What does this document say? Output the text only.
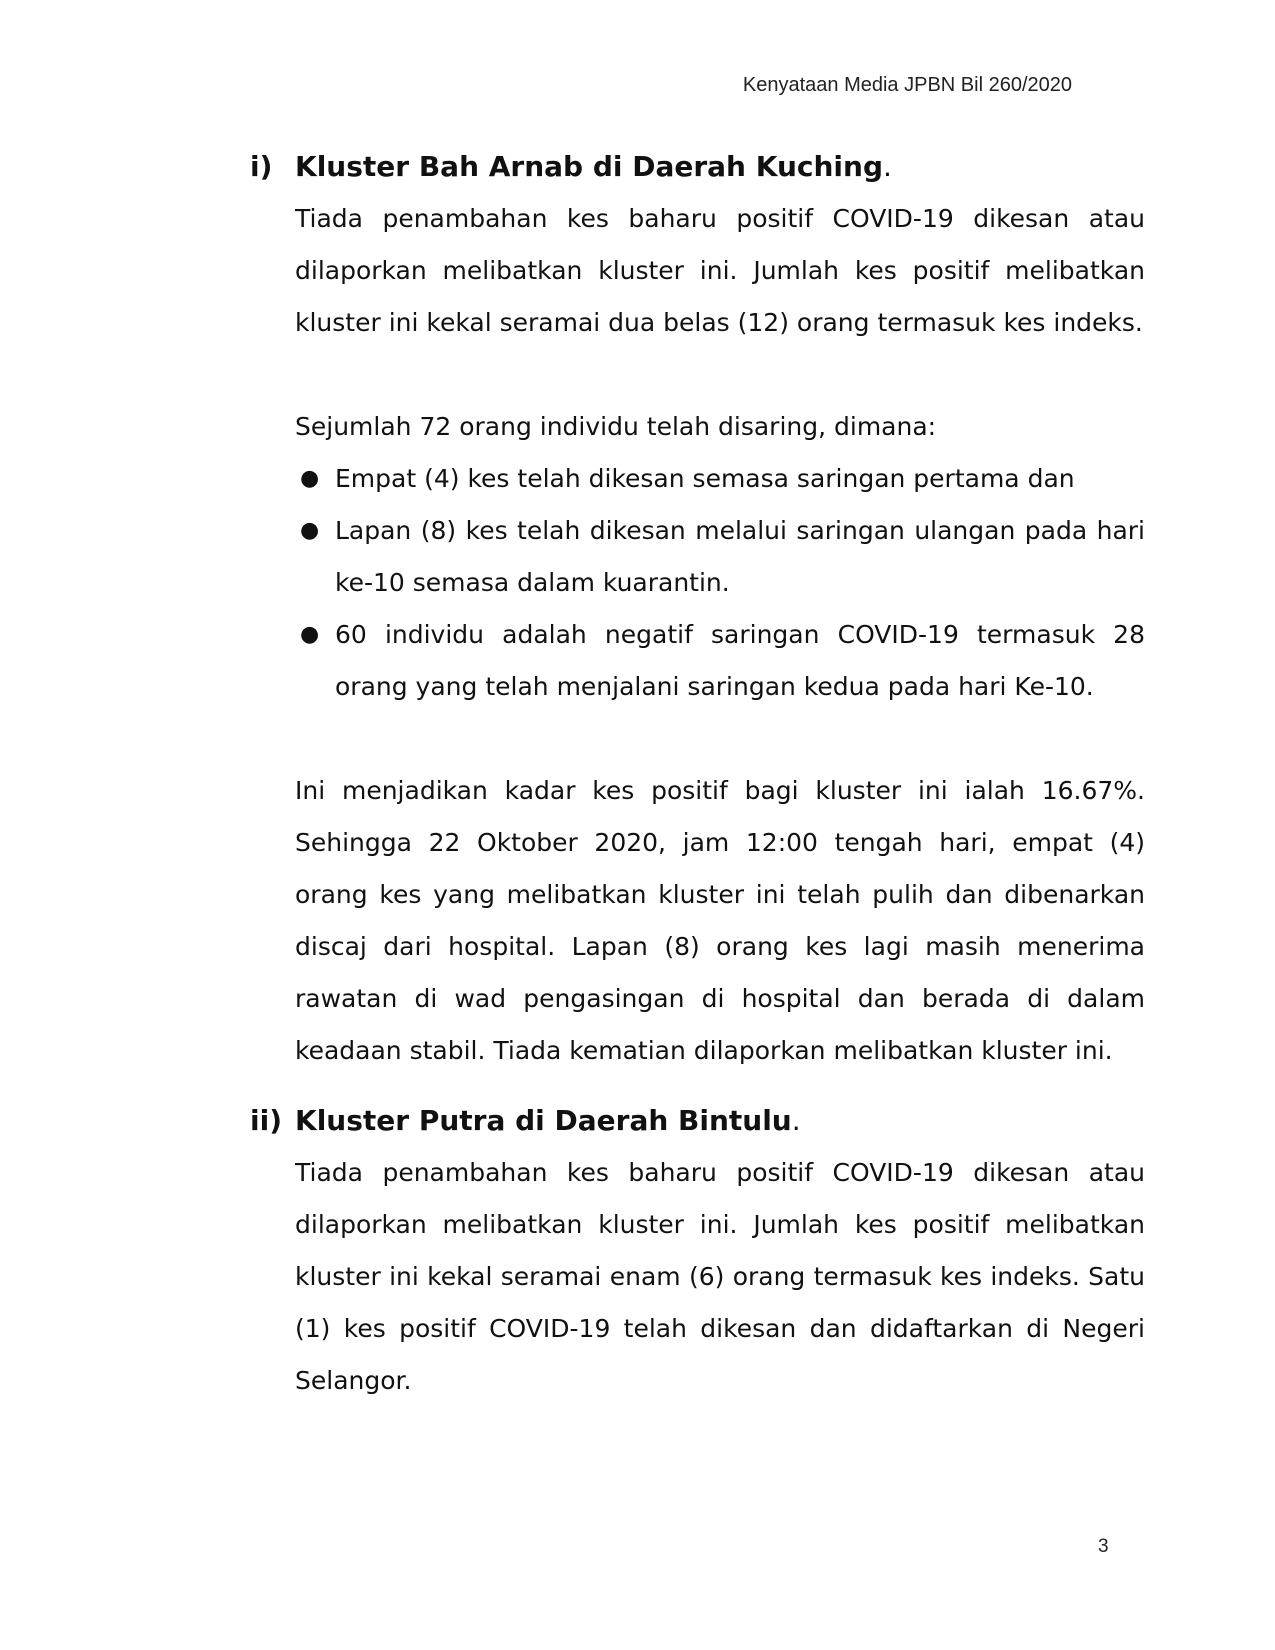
Kenyataan Media JPBN Bil 260/2020
i) Kluster Bah Arnab di Daerah Kuching .

Tiada penambahan kes baharu positif COVID-19 dikesan atau dilaporkan melibatkan kluster ini. Jumlah kes positif melibatkan kluster ini kekal seramai dua belas (12) orang termasuk kes indeks.

Sejumlah 72 orang individu telah disaring, dimana:

● Empat (4) kes telah dikesan semasa saringan pertama dan
● Lapan (8) kes telah dikesan melalui saringan ulangan pada hari ke-10 semasa dalam kuarantin.
● 60 individu adalah negatif saringan COVID-19 termasuk 28 orang yang telah menjalani saringan kedua pada hari Ke-10.

Ini menjadikan kadar kes positif bagi kluster ini ialah 16.67%. Sehingga 22 Oktober 2020, jam 12:00 tengah hari, empat (4) orang kes yang melibatkan kluster ini telah pulih dan dibenarkan discaj dari hospital. Lapan (8) orang kes lagi masih menerima rawatan di wad pengasingan di hospital dan berada di dalam keadaan stabil. Tiada kematian dilaporkan melibatkan kluster ini.

ii) Kluster Putra di Daerah Bintulu .

Tiada penambahan kes baharu positif COVID-19 dikesan atau dilaporkan melibatkan kluster ini. Jumlah kes positif melibatkan kluster ini kekal seramai enam (6) orang termasuk kes indeks. Satu (1) kes positif COVID-19 telah dikesan dan didaftarkan di Negeri Selangor.

3
